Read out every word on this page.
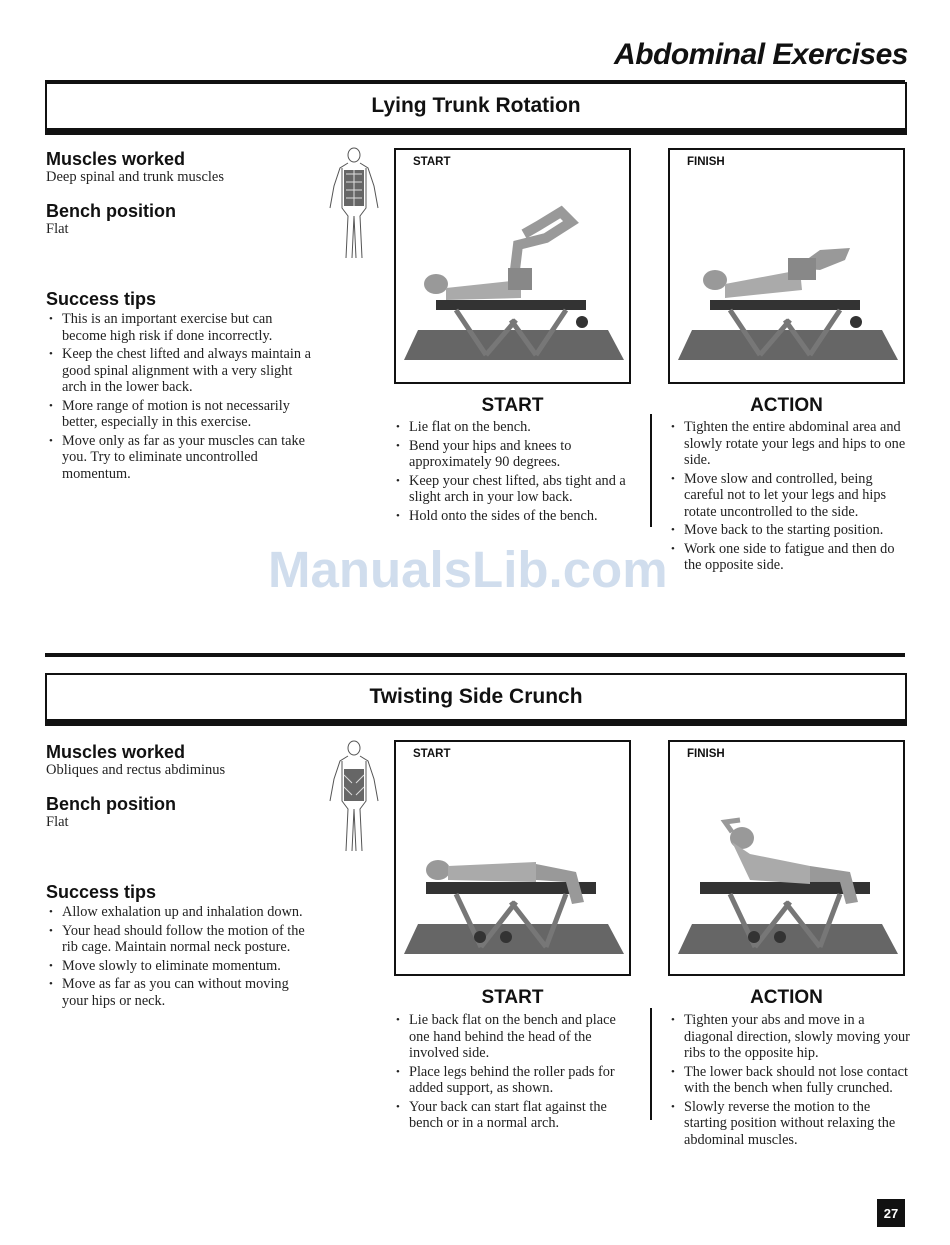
Abdominal Exercises
Lying Trunk Rotation

Muscles worked

Deep spinal and trunk muscles

Bench position

Flat

Success tips

• This is an important exercise but can become high risk if done incorrectly.
• Keep the chest lifted and always maintain a good spinal alignment with a very slight arch in the lower back.
• More range of motion is not necessarily better, especially in this exercise.
• Move only as far as your muscles can take you. Try to eliminate uncontrolled momentum.
START	FINISH
START
• Lie flat on the bench.
• Bend your hips and knees to approximately 90 degrees.
• Keep your chest lifted, abs tight and a slight arch in your low back.
• Hold onto the sides of the bench.
ACTION
• Tighten the entire abdominal area and slowly rotate your legs and hips to one side.
• Move slow and controlled, being careful not to let your legs and hips rotate uncontrolled to the side.
• Move back to the starting position.
• Work one side to fatigue and then do the opposite side.
ManualsLib.com
Twisting Side Crunch

Muscles worked

Obliques and rectus abdiminus

Bench position

Flat

Success tips

• Allow exhalation up and inhalation down.
• Your head should follow the motion of the rib cage. Maintain normal neck posture.
• Move slowly to eliminate momentum.
• Move as far as you can without moving your hips or neck.
START	FINISH
START
• Lie back flat on the bench and place one hand behind the head of the involved side.
• Place legs behind the roller pads for added support, as shown.
• Your back can start flat against the bench or in a normal arch.
ACTION
• Tighten your abs and move in a diagonal direction, slowly moving your ribs to the opposite hip.
• The lower back should not lose contact with the bench when fully crunched.
• Slowly reverse the motion to the starting position without relaxing the abdominal muscles.
27
